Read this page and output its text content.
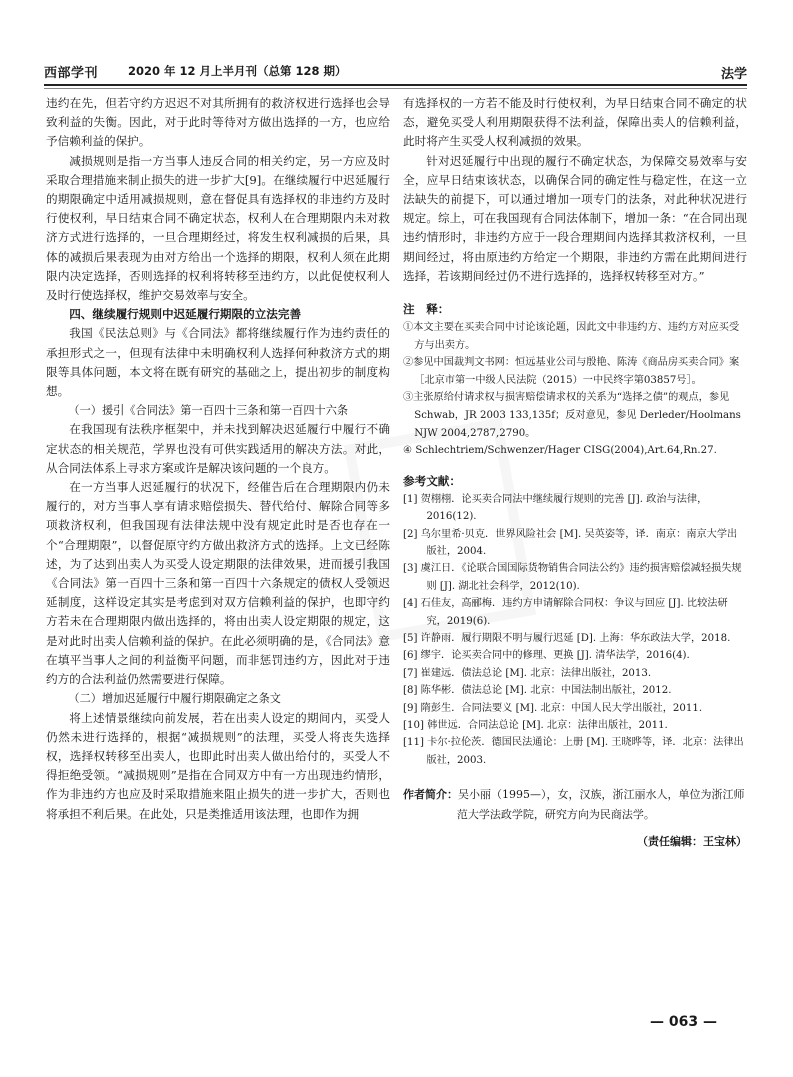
西部学刊	2020 年 12 月上半月刊（总第 128 期）	法学

违约在先，但若守约方迟迟不对其所拥有的救济权进行选择也会导致利益的失衡。因此，对于此时等待对方做出选择的一方，也应给予信赖利益的保护。

减损规则是指一方当事人违反合同的相关约定，另一方应及时采取合理措施来制止损失的进一步扩大[9]。在继续履行中迟延履行的期限确定中适用减损规则，意在督促具有选择权的非违约方及时行使权利，早日结束合同不确定状态，权利人在合理期限内未对救济方式进行选择的，一旦合理期经过，将发生权利减损的后果，具体的减损后果表现为由对方给出一个选择的期限，权利人须在此期限内决定选择，否则选择的权利将转移至违约方，以此促使权利人及时行使选择权，维护交易效率与安全。

四、继续履行规则中迟延履行期限的立法完善

我国《民法总则》与《合同法》都将继续履行作为违约责任的承担形式之一，但现有法律中未明确权利人选择何种救济方式的期限等具体问题，本文将在既有研究的基础之上，提出初步的制度构想。

（一）援引《合同法》第一百四十三条和第一百四十六条

在我国现有法秩序框架中，并未找到解决迟延履行中履行不确定状态的相关规范，学界也没有可供实践适用的解决方法。对此，从合同法体系上寻求方案或许是解决该问题的一个良方。

在一方当事人迟延履行的状况下，经催告后在合理期限内仍未履行的，对方当事人享有请求赔偿损失、替代给付、解除合同等多项救济权利，但我国现有法律法规中没有规定此时是否也存在一个“合理期限”，以督促原守约方做出救济方式的选择。上文已经陈述，为了达到出卖人为买受人设定期限的法律效果，进而援引我国《合同法》第一百四十三条和第一百四十六条规定的债权人受领迟延制度，这样设定其实是考虑到对双方信赖利益的保护，也即守约方若未在合理期限内做出选择的，将由出卖人设定期限的规定，这是对此时出卖人信赖利益的保护。在此必须明确的是，《合同法》意在填平当事人之间的利益衡平问题，而非惩罚违约方，因此对于违约方的合法利益仍然需要进行保障。

（二）增加迟延履行中履行期限确定之条文

将上述情景继续向前发展，若在出卖人设定的期间内，买受人仍然未进行选择的，根据“减损规则”的法理，买受人将丧失选择权，选择权转移至出卖人，也即此时出卖人做出给付的，买受人不得拒绝受领。“减损规则”是指在合同双方中有一方出现违约情形，作为非违约方也应及时采取措施来阻止损失的进一步扩大，否则也将承担不利后果。在此处，只是类推适用该法理，也即作为拥

有选择权的一方若不能及时行使权利，为早日结束合同不确定的状态，避免买受人利用期限获得不法利益，保障出卖人的信赖利益，此时将产生买受人权利减损的效果。

针对迟延履行中出现的履行不确定状态，为保障交易效率与安全，应早日结束该状态，以确保合同的确定性与稳定性，在这一立法缺失的前提下，可以通过增加一项专门的法条，对此种状况进行规定。综上，可在我国现有合同法体制下，增加一条：“在合同出现违约情形时，非违约方应于一段合理期间内选择其救济权利，一旦期间经过，将由原违约方给定一个期限，非违约方需在此期间进行选择，若该期间经过仍不进行选择的，选择权转移至对方。”

注　释：

①本文主要在买卖合同中讨论该论题，因此文中非违约方、违约方对应买受方与出卖方。

②参见中国裁判文书网：恒远基业公司与殷艳、陈涛《商品房买卖合同》案［北京市第一中级人民法院（2015）一中民终字第03857号］。

③主张原给付请求权与损害赔偿请求权的关系为“选择之债”的观点，参见 Schwab，JR 2003 133,135f；反对意见，参见 Derleder/Hoolmans NJW 2004,2787,2790。

④ Schlechtriem/Schwenzer/Hager CISG(2004),Art.64,Rn.27.

参考文献：

[1] 贺栩栩．论买卖合同法中继续履行规则的完善 [J]. 政治与法律，2016(12).

[2] 乌尔里希·贝克．世界风险社会 [M]. 吴英姿等，译．南京：南京大学出版社，2004.

[3] 虞江日．《论联合国国际货物销售合同法公约》违约损害赔偿减轻损失规则 [J]. 湖北社会科学，2012(10).

[4] 石佳友，高郦梅．违约方申请解除合同权：争议与回应 [J]. 比较法研究，2019(6).

[5] 许静雨．履行期限不明与履行迟延 [D]. 上海：华东政法大学，2018.

[6] 缪宇．论买卖合同中的修理、更换 [J]. 清华法学，2016(4).

[7] 崔建远．债法总论 [M]. 北京：法律出版社，2013.

[8] 陈华彬．债法总论 [M]. 北京：中国法制出版社，2012.

[9] 隋彭生．合同法要义 [M]. 北京：中国人民大学出版社，2011.

[10] 韩世远．合同法总论 [M]. 北京：法律出版社，2011.

[11] 卡尔·拉伦茨．德国民法通论：上册 [M]. 王晓晔等，译．北京：法律出版社，2003.

作者简介：吴小丽（1995—），女，汉族，浙江丽水人，单位为浙江师范大学法政学院，研究方向为民商法学。

（责任编辑：王宝林）
— 063 —
